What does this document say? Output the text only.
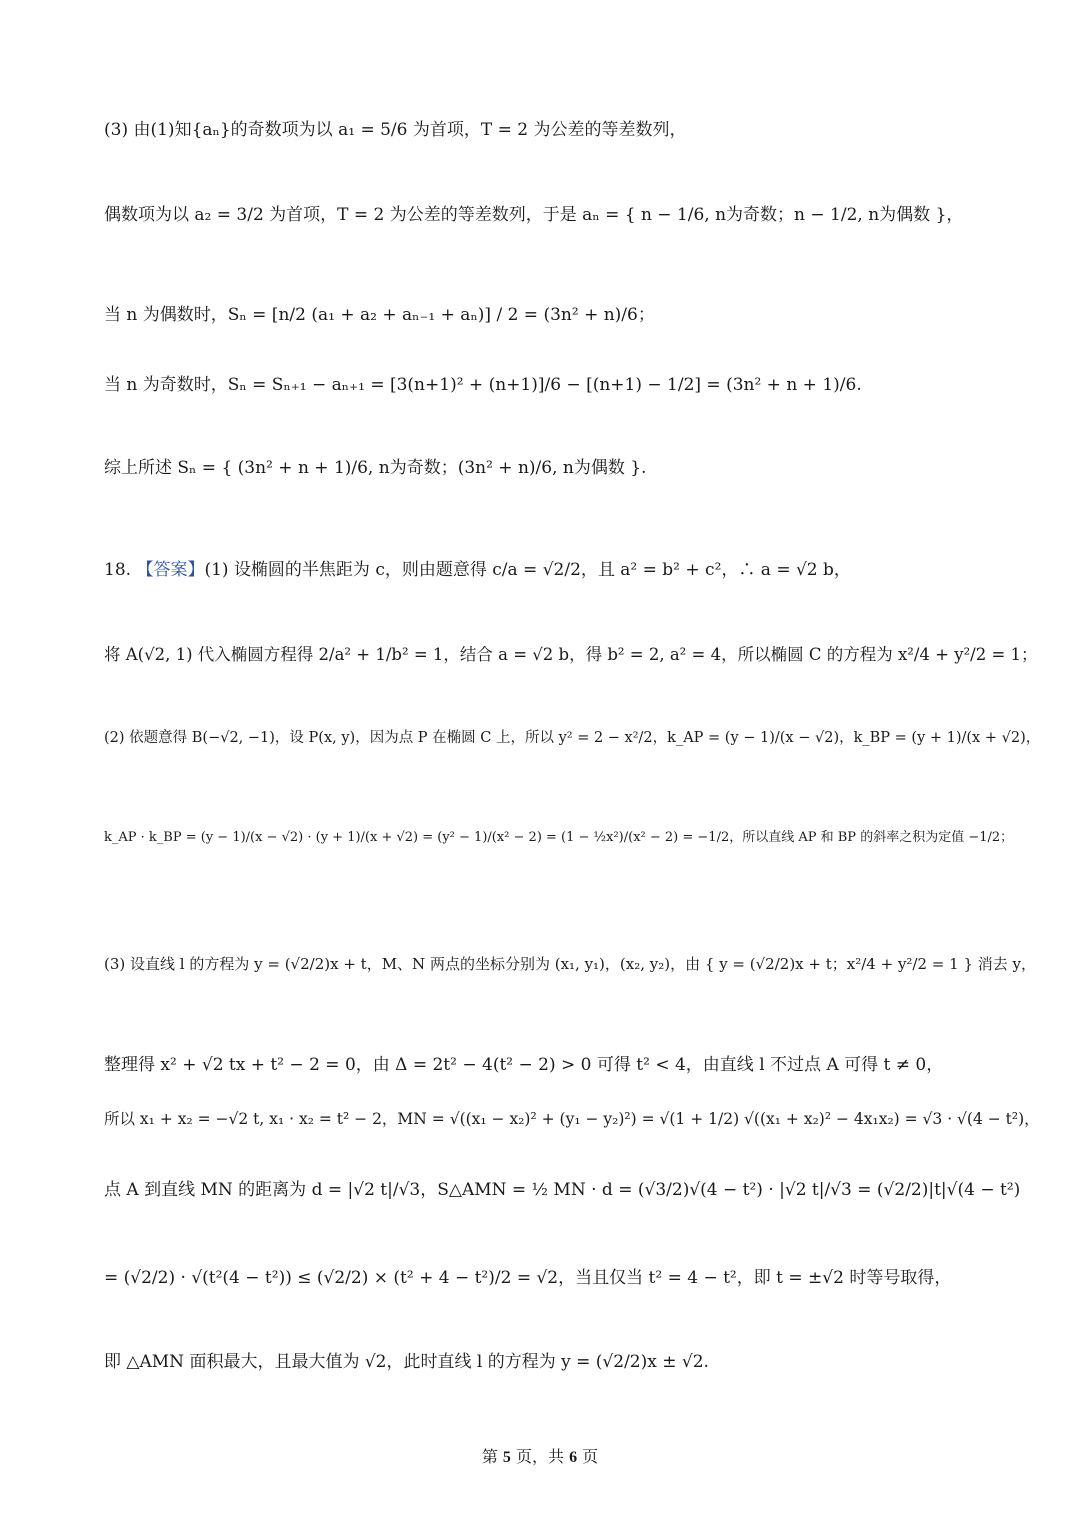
(3) 由(1)知{aₙ}的奇数项为以 a₁ = 5/6 为首项，T = 2 为公差的等差数列，
偶数项为以 a₂ = 3/2 为首项，T = 2 为公差的等差数列，于是 aₙ = { n − 1/6, n为奇数；n − 1/2, n为偶数 }，
当 n 为偶数时，Sₙ = [n/2 (a₁ + a₂ + aₙ₋₁ + aₙ)] / 2 = (3n² + n)/6；
当 n 为奇数时，Sₙ = Sₙ₊₁ − aₙ₊₁ = [3(n+1)² + (n+1)]/6 − [(n+1) − 1/2] = (3n² + n + 1)/6.
综上所述 Sₙ = { (3n² + n + 1)/6, n为奇数；(3n² + n)/6, n为偶数 }.
18. 【答案】(1) 设椭圆的半焦距为 c，则由题意得 c/a = √2/2，且 a² = b² + c²，∴ a = √2 b，
将 A(√2, 1) 代入椭圆方程得 2/a² + 1/b² = 1，结合 a = √2 b，得 b² = 2, a² = 4，所以椭圆 C 的方程为 x²/4 + y²/2 = 1；
(2) 依题意得 B(−√2, −1)，设 P(x, y)，因为点 P 在椭圆 C 上，所以 y² = 2 − x²/2，k_AP = (y − 1)/(x − √2)，k_BP = (y + 1)/(x + √2)，
k_AP · k_BP = (y − 1)/(x − √2) · (y + 1)/(x + √2) = (y² − 1)/(x² − 2) = (1 − ½x²)/(x² − 2) = −1/2，所以直线 AP 和 BP 的斜率之积为定值 −1/2；
(3) 设直线 l 的方程为 y = (√2/2)x + t，M、N 两点的坐标分别为 (x₁, y₁)，(x₂, y₂)，由 { y = (√2/2)x + t；x²/4 + y²/2 = 1 } 消去 y，
整理得 x² + √2 tx + t² − 2 = 0，由 Δ = 2t² − 4(t² − 2) > 0 可得 t² < 4，由直线 l 不过点 A 可得 t ≠ 0，
所以 x₁ + x₂ = −√2 t, x₁ · x₂ = t² − 2，MN = √((x₁ − x₂)² + (y₁ − y₂)²) = √(1 + 1/2) √((x₁ + x₂)² − 4x₁x₂) = √3 · √(4 − t²)，
点 A 到直线 MN 的距离为 d = |√2 t|/√3，S△AMN = ½ MN · d = (√3/2)√(4 − t²) · |√2 t|/√3 = (√2/2)|t|√(4 − t²)
= (√2/2) · √(t²(4 − t²)) ≤ (√2/2) × (t² + 4 − t²)/2 = √2，当且仅当 t² = 4 − t²，即 t = ±√2 时等号取得，
即 △AMN 面积最大，且最大值为 √2，此时直线 l 的方程为 y = (√2/2)x ± √2.
第 5 页，共 6 页
